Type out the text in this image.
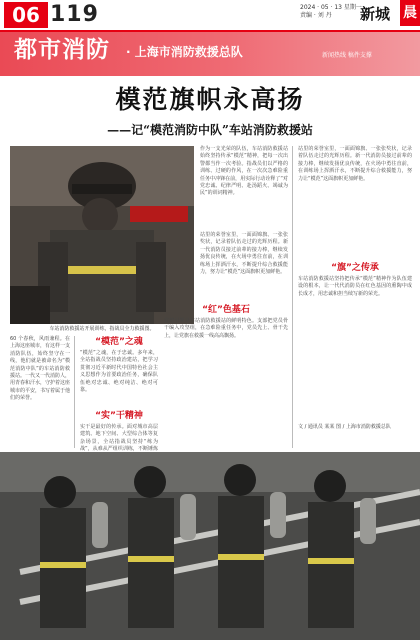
06 119	2024 · 05 · 13 星期一
责编 · 刘 丹	新城 晨
都市消防 · 上海市消防救援总队	新闻热线 稿件支撑
模范旗帜永高扬
——记“模范消防中队”车站消防救援站
车站消防救援站开展训练，指战员全力救援图。
60 个春秋，风雨兼程。在上海这座城市，有这样一支消防队伍，始终坚守在一线，他们就是被命名为“模范消防中队”的车站消防救援站。一代又一代消防人，用青春和汗水，守护着这座城市的平安，书写着属于他们的荣誉。
“模范”之魂
“模范”之魂，在于忠诚。多年来，全站指战员坚持政治建站，把学习贯彻习近平新时代中国特色社会主义思想作为首要政治任务，确保队伍绝对忠诚、绝对纯洁、绝对可靠。
“实”干精神
实干是最好的传承。面对城市高层建筑、地下空间、大型综合体等复杂场景，全站指战员坚持“练为战”，从难从严组织训练，不断锤炼
作为一支光荣的队伍，车站消防救援站始终坚持传承“模范”精神，把每一次出警都当作一次考验。指战员们以严格的训练、过硬的作风，在一次次急难险重任务中冲锋在前，用实际行动诠释了“对党忠诚、纪律严明、赴汤蹈火、竭诚为民”的训词精神。
站里的荣誉室里，一面面锦旗、一张张奖状，记录着队伍走过的光辉历程。新一代消防员接过前辈的接力棒，继续发扬优良传统，在火场中勇往直前，在训练场上挥洒汗水，不断提升综合救援能力，努力让“模范”这面旗帜更加鲜艳。
“红”色基石
党建引领是车站消防救援站的鲜明特色。支部把党员骨干编入攻坚组，在急难险重任务中，党员先上、骨干先上，让党旗在救援一线高高飘扬。
站里的荣誉室里，一面面锦旗、一张张奖状，记录着队伍走过的光辉历程。新一代消防员接过前辈的接力棒，继续发扬优良传统，在火场中勇往直前，在训练场上挥洒汗水，不断提升综合救援能力，努力让“模范”这面旗帜更加鲜艳。
“旗”之传承
车站消防救援站坚持把传承“模范”精神作为队伍建设的根本，让一代代消防员在红色基因的熏陶中成长成才，用忠诚和担当续写新的荣光。
文 / 通讯员 某某 图 / 上海市消防救援总队
